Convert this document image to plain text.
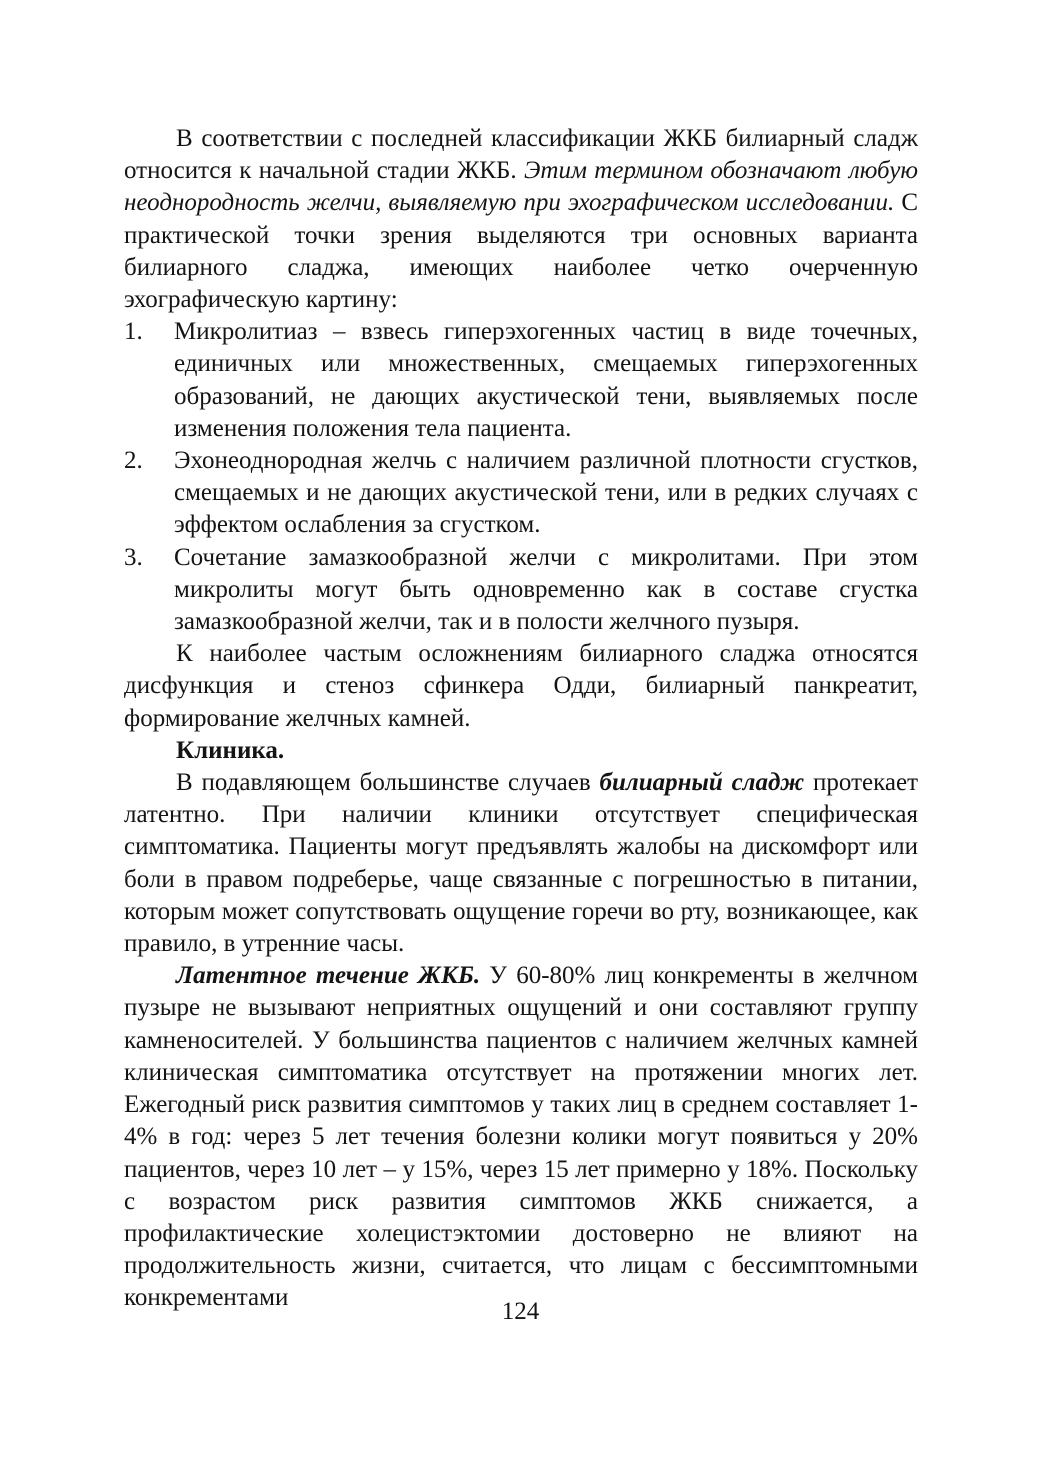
В соответствии с последней классификации ЖКБ билиарный сладж относится к начальной стадии ЖКБ. Этим термином обозначают любую неоднородность желчи, выявляемую при эхографическом исследовании. С практической точки зрения выделяются три основных варианта билиарного сладжа, имеющих наиболее четко очерченную эхографическую картину:

1. Микролитиаз – взвесь гиперэхогенных частиц в виде точечных, единичных или множественных, смещаемых гиперэхогенных образований, не дающих акустической тени, выявляемых после изменения положения тела пациента.
2. Эхонеоднородная желчь с наличием различной плотности сгустков, смещаемых и не дающих акустической тени, или в редких случаях с эффектом ослабления за сгустком.
3. Сочетание замазкообразной желчи с микролитами. При этом микролиты могут быть одновременно как в составе сгустка замазкообразной желчи, так и в полости желчного пузыря.

К наиболее частым осложнениям билиарного сладжа относятся дисфункция и стеноз сфинкера Одди, билиарный панкреатит, формирование желчных камней.

Клиника.

В подавляющем большинстве случаев билиарный сладж протекает латентно. При наличии клиники отсутствует специфическая симптоматика. Пациенты могут предъявлять жалобы на дискомфорт или боли в правом подреберье, чаще связанные с погрешностью в питании, которым может сопутствовать ощущение горечи во рту, возникающее, как правило, в утренние часы.

Латентное течение ЖКБ. У 60-80% лиц конкременты в желчном пузыре не вызывают неприятных ощущений и они составляют группу камненосителей. У большинства пациентов с наличием желчных камней клиническая симптоматика отсутствует на протяжении многих лет. Ежегодный риск развития симптомов у таких лиц в среднем составляет 1-4% в год: через 5 лет течения болезни колики могут появиться у 20% пациентов, через 10 лет – у 15%, через 15 лет примерно у 18%. Поскольку с возрастом риск развития симптомов ЖКБ снижается, а профилактические холецистэктомии достоверно не влияют на продолжительность жизни, считается, что лицам с бессимптомными конкрементами

124
